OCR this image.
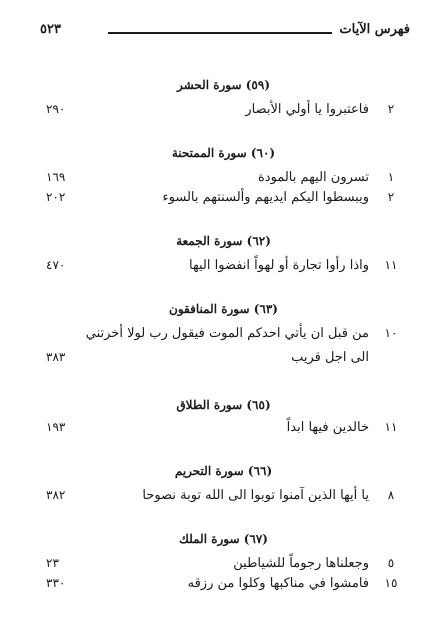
فهرس الآيات
٥٢٣
(٥٩) سورة الحشر
٢
فاعتبروا يا أولي الأبصار
٢٩٠
(٦٠) سورة الممتحنة
١
تسرون اليهم بالمودة
١٦٩
٢
ويبسطوا اليكم ايديهم وألسنتهم بالسوء
٢٠٢
(٦٢) سورة الجمعة
١١
واذا رأوا تجارة أو لهواً انفضوا اليها
٤٧٠
(٦٣) سورة المنافقون
١٠
من قبل ان يأتي احدكم الموت فيقول رب لولا أخرتني
الى اجل قريب
٣٨٣
(٦٥) سورة الطلاق
١١
خالدين فيها ابداً
١٩٣
(٦٦) سورة التحريم
٨
يا أيها الذين آمنوا توبوا الى الله توبة نصوحا
٣٨٢
(٦٧) سورة الملك
٥
وجعلناها رجوماً للشياطين
٢٣
١٥
فامشوا في مناكبها وكلوا من رزقه
٣٣٠
